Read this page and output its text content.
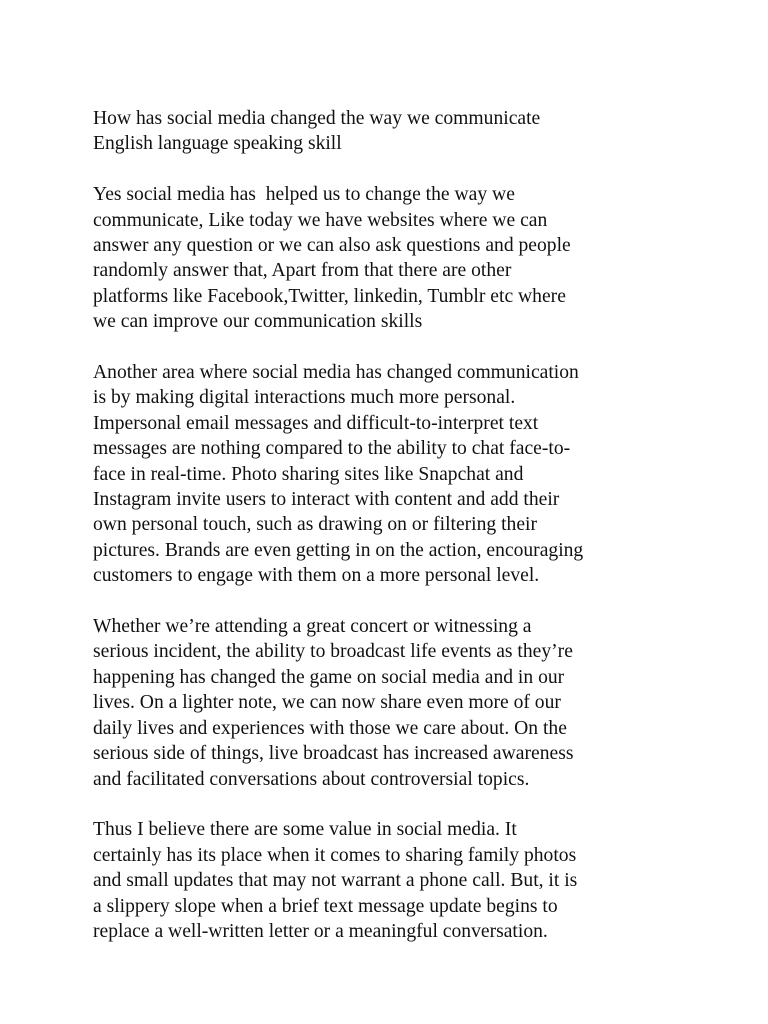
How has social media changed the way we communicate
English language speaking skill

Yes social media has  helped us to change the way we
communicate, Like today we have websites where we can
answer any question or we can also ask questions and people
randomly answer that, Apart from that there are other
platforms like Facebook,Twitter, linkedin, Tumblr etc where
we can improve our communication skills

Another area where social media has changed communication
is by making digital interactions much more personal.
Impersonal email messages and difficult-to-interpret text
messages are nothing compared to the ability to chat face-to-
face in real-time. Photo sharing sites like Snapchat and
Instagram invite users to interact with content and add their
own personal touch, such as drawing on or filtering their
pictures. Brands are even getting in on the action, encouraging
customers to engage with them on a more personal level.

Whether we’re attending a great concert or witnessing a
serious incident, the ability to broadcast life events as they’re
happening has changed the game on social media and in our
lives. On a lighter note, we can now share even more of our
daily lives and experiences with those we care about. On the
serious side of things, live broadcast has increased awareness
and facilitated conversations about controversial topics.

Thus I believe there are some value in social media. It
certainly has its place when it comes to sharing family photos
and small updates that may not warrant a phone call. But, it is
a slippery slope when a brief text message update begins to
replace a well-written letter or a meaningful conversation.
